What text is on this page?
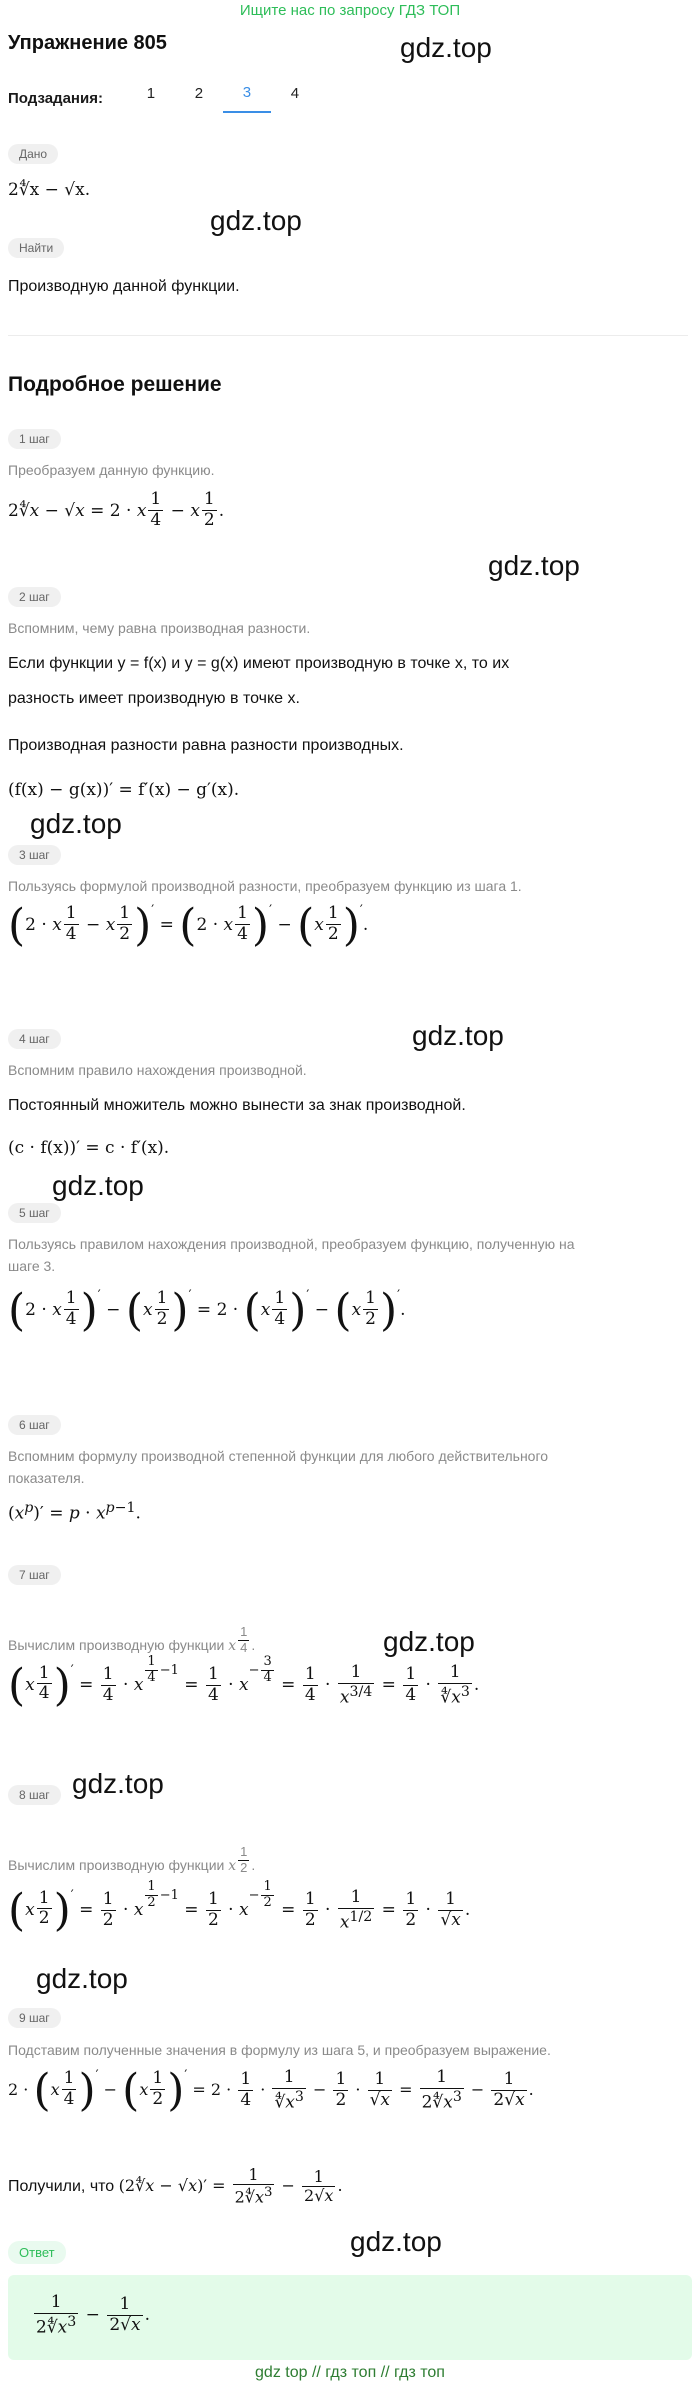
Ищите нас по запросу ГДЗ ТОП
Упражнение 805
Подзадания:	1	2	3	4
gdz.top
gdz.top
gdz.top
gdz.top
gdz.top
gdz.top
gdz.top
gdz.top
gdz.top
gdz.top
Дано
2∜x − √x.
Найти
Производную данной функции.
Подробное решение
1 шаг
Преобразуем данную функцию.
2∜x − √x = 2 · x $\frac{1}{4} - x \frac{1}{2}$ .
2 шаг
Вспомним, чему равна производная разности.
Если функции y = f(x) и y = g(x) имеют производную в точке x, то их
разность имеет производную в точке x.
Производная разности равна разности производных.
(f(x) − g(x))′ = f′(x) − g′(x).
3 шаг
Пользуясь формулой производной разности, преобразуем функцию из шага 1.
(2 · x $\frac{1}{4} - x \frac{1}{2} )' = (2 \cdot x \frac{1}{4} )' - (x \frac{1}{2} )'$.
4 шаг
Вспомним правило нахождения производной.
Постоянный множитель можно вынести за знак производной.
(c · f(x))′ = c · f′(x).
5 шаг
Пользуясь правилом нахождения производной, преобразуем функцию, полученную на
шаге 3.
(2 · x $\frac{1}{4} )' - (x \frac{1}{2} )' = 2 \cdot (x \frac{1}{4} )' - (x \frac{1}{2} )'$.
6 шаг
Вспомним формулу производной степенной функции для любого действительного
показателя.
$(x^p)' = p \cdot x^{p-1}$.
7 шаг
Вычислим производную функции x $\frac{1}{4}$ .
$(x \frac{1}{4} )' = \frac{1}{4} \cdot x$ $^{\frac{1}{4} -1} = \frac{1}{4} \cdot x^{- \frac{3}{4}} = \frac{1}{4} \cdot \frac{1}{x^{3/4}} = \frac{1}{4} \cdot \frac{1}{∜x^3}$ .
8 шаг
Вычислим производную функции x $\frac{1}{2}$ .
$(x \frac{1}{2} )' = \frac{1}{2} \cdot x$ $^{\frac{1}{2} -1} = \frac{1}{2} \cdot x^{- \frac{1}{2}} = \frac{1}{2} \cdot \frac{1}{x^{1/2}} = \frac{1}{2} \cdot \frac{1}{√x}$ .
9 шаг
Подставим полученные значения в формулу из шага 5, и преобразуем выражение.
$2 \cdot (x \frac{1}{4} )' - (x \frac{1}{2} )' = 2 \cdot \frac{1}{4} \cdot \frac{1}{∜x^3} - \frac{1}{2} \cdot \frac{1}{√x} = \frac{1}{2∜x^3} - \frac{1}{2√x}$ .
Получили, что (2∜x − $√x)' = \frac{1}{2∜x^3} - \frac{1}{2√x}$ .
Ответ
$\frac{1}{2∜x^3} - \frac{1}{2√x}$ .
gdz top // гдз топ // гдз топ
